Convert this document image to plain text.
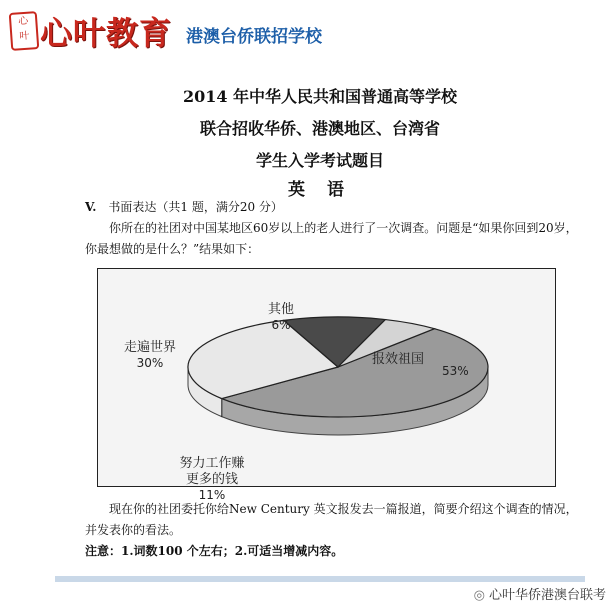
心
叶 心叶教育 港澳台侨联招学校
2014 年中华人民共和国普通高等学校
联合招收华侨、港澳地区、台湾省
学生入学考试题目
英 语
V. 书面表达（共1 题，满分20 分）
你所在的社团对中国某地区60岁以上的老人进行了一次调查。问题是“如果你回到20岁，你最想做的是什么？”结果如下：
报效祖国
53%
走遍世界
30%
努力工作赚
更多的钱
11%
其他
6%
现在你的社团委托你给New Century 英文报发去一篇报道，简要介绍这个调查的情况，并发表你的看法。
注意：1.词数100 个左右；2.可适当增减内容。
◎ 心叶华侨港澳台联考
